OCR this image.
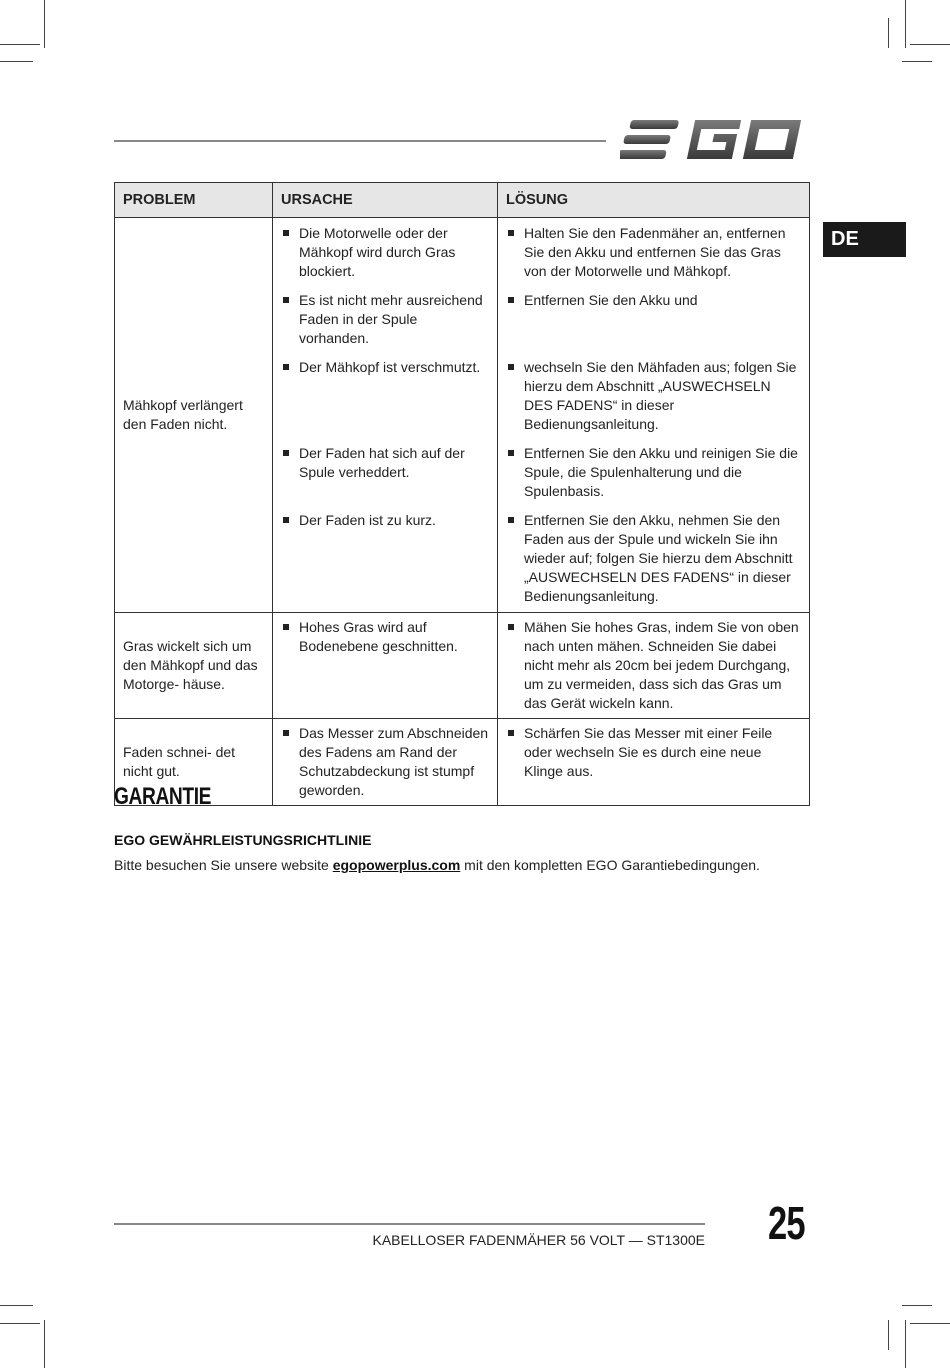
DE
PROBLEM	URSACHE	LÖSUNG
Mähkopf verlängert den Faden nicht.	Die Motorwelle oder der Mähkopf wird durch Gras blockiert.	Halten Sie den Fadenmäher an, entfernen Sie den Akku und entfernen Sie das Gras von der Motorwelle und Mähkopf.

	Es ist nicht mehr ausreichend Faden in der Spule vorhanden.	Entfernen Sie den Akku und

	Der Mähkopf ist verschmutzt.	wechseln Sie den Mähfaden aus; folgen Sie hierzu dem Abschnitt „AUSWECHSELN DES FADENS“ in dieser Bedienungsanleitung.

	Der Faden hat sich auf der Spule verheddert.	Entfernen Sie den Akku und reinigen Sie die Spule, die Spulenhalterung und die Spulenbasis.

	Der Faden ist zu kurz.	Entfernen Sie den Akku, nehmen Sie den Faden aus der Spule und wickeln Sie ihn wieder auf; folgen Sie hierzu dem Abschnitt „AUSWECHSELN DES FADENS“ in dieser Bedienungsanleitung.

Gras wickelt sich um den Mähkopf und das Motorge- häuse.	Hohes Gras wird auf Bodenebene geschnitten.	Mähen Sie hohes Gras, indem Sie von oben nach unten mähen. Schneiden Sie dabei nicht mehr als 20cm bei jedem Durchgang, um zu vermeiden, dass sich das Gras um das Gerät wickeln kann.

Faden schnei- det nicht gut.	Das Messer zum Abschneiden des Fadens am Rand der Schutzabdeckung ist stumpf geworden.	Schärfen Sie das Messer mit einer Feile oder wechseln Sie es durch eine neue Klinge aus.
GARANTIE
EGO GEWÄHRLEISTUNGSRICHTLINIE

Bitte besuchen Sie unsere website egopowerplus.com mit den kompletten EGO Garantiebedingungen.

KABELLOSER FADENMÄHER 56 VOLT — ST1300E 25
